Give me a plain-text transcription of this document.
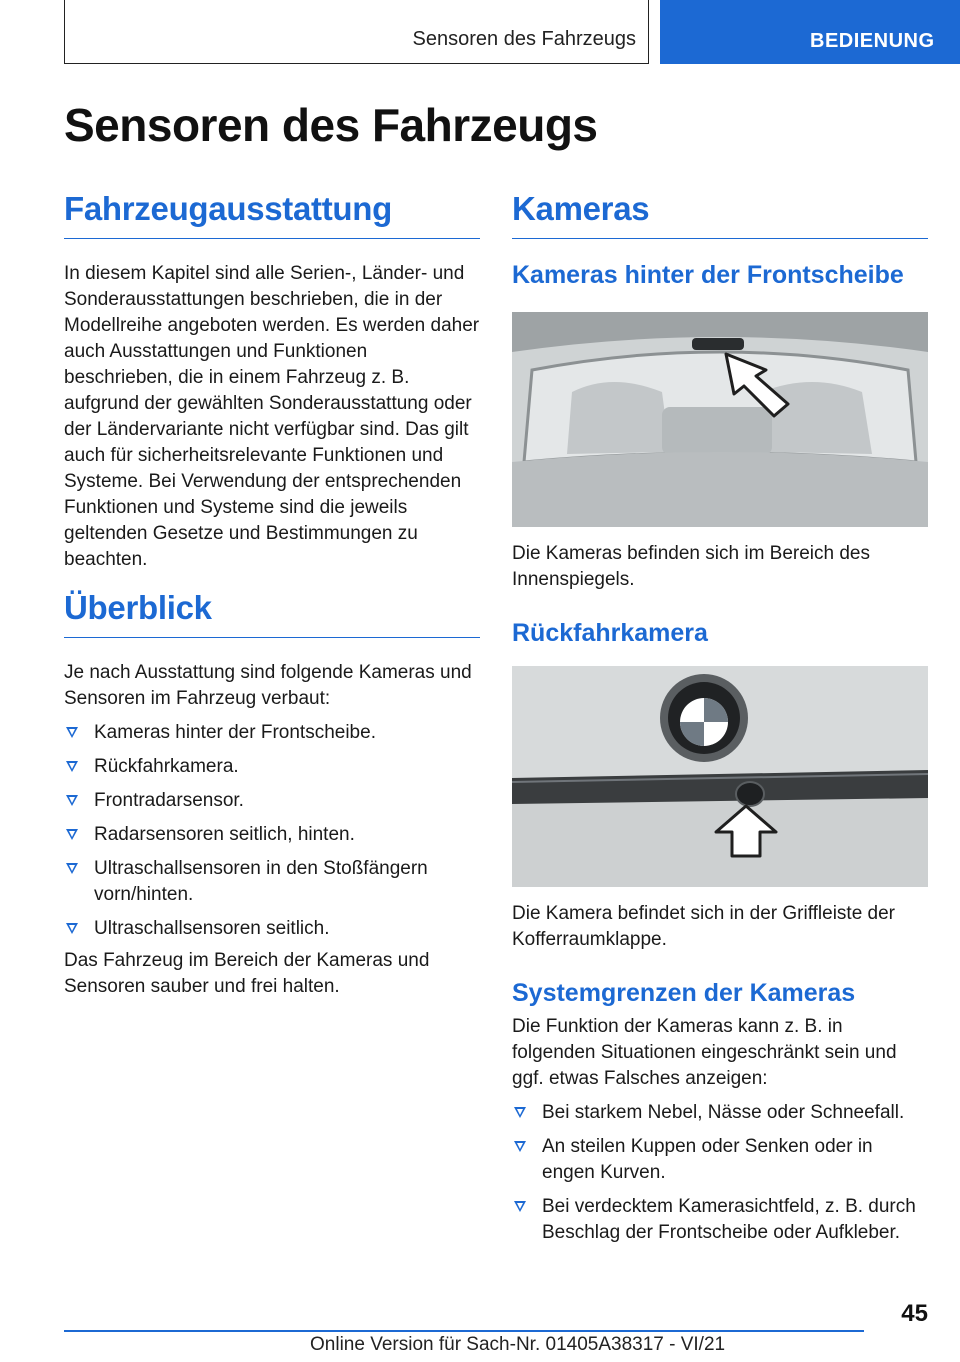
Sensoren des Fahrzeugs	BEDIENUNG
Sensoren des Fahrzeugs
Fahrzeugausstattung

In diesem Kapitel sind alle Serien-, Länder- und Sonderausstattungen beschrieben, die in der Modellreihe angeboten werden. Es werden daher auch Ausstattungen und Funktionen beschrieben, die in einem Fahrzeug z. B. aufgrund der gewählten Sonderausstattung oder der Ländervariante nicht verfügbar sind. Das gilt auch für sicherheitsrelevante Funktionen und Systeme. Bei Verwendung der entsprechenden Funktionen und Systeme sind die jeweils geltenden Gesetze und Bestimmungen zu beachten.

Überblick

Je nach Ausstattung sind folgende Kameras und Sensoren im Fahrzeug verbaut:

Kameras hinter der Frontscheibe.
Rückfahrkamera.
Frontradarsensor.
Radarsensoren seitlich, hinten.
Ultraschallsensoren in den Stoßfängern vorn/hinten.
Ultraschallsensoren seitlich.

Das Fahrzeug im Bereich der Kameras und Sensoren sauber und frei halten.

Kameras
Kameras hinter der Frontscheibe

Die Kameras befinden sich im Bereich des Innenspiegels.

Rückfahrkamera

Die Kamera befindet sich in der Griffleiste der Kofferraumklappe.

Systemgrenzen der Kameras

Die Funktion der Kameras kann z. B. in folgenden Situationen eingeschränkt sein und ggf. etwas Falsches anzeigen:

Bei starkem Nebel, Nässe oder Schneefall.
An steilen Kuppen oder Senken oder in engen Kurven.
Bei verdecktem Kamerasichtfeld, z. B. durch Beschlag der Frontscheibe oder Aufkleber.
45
Online Version für Sach-Nr. 01405A38317 - VI/21
